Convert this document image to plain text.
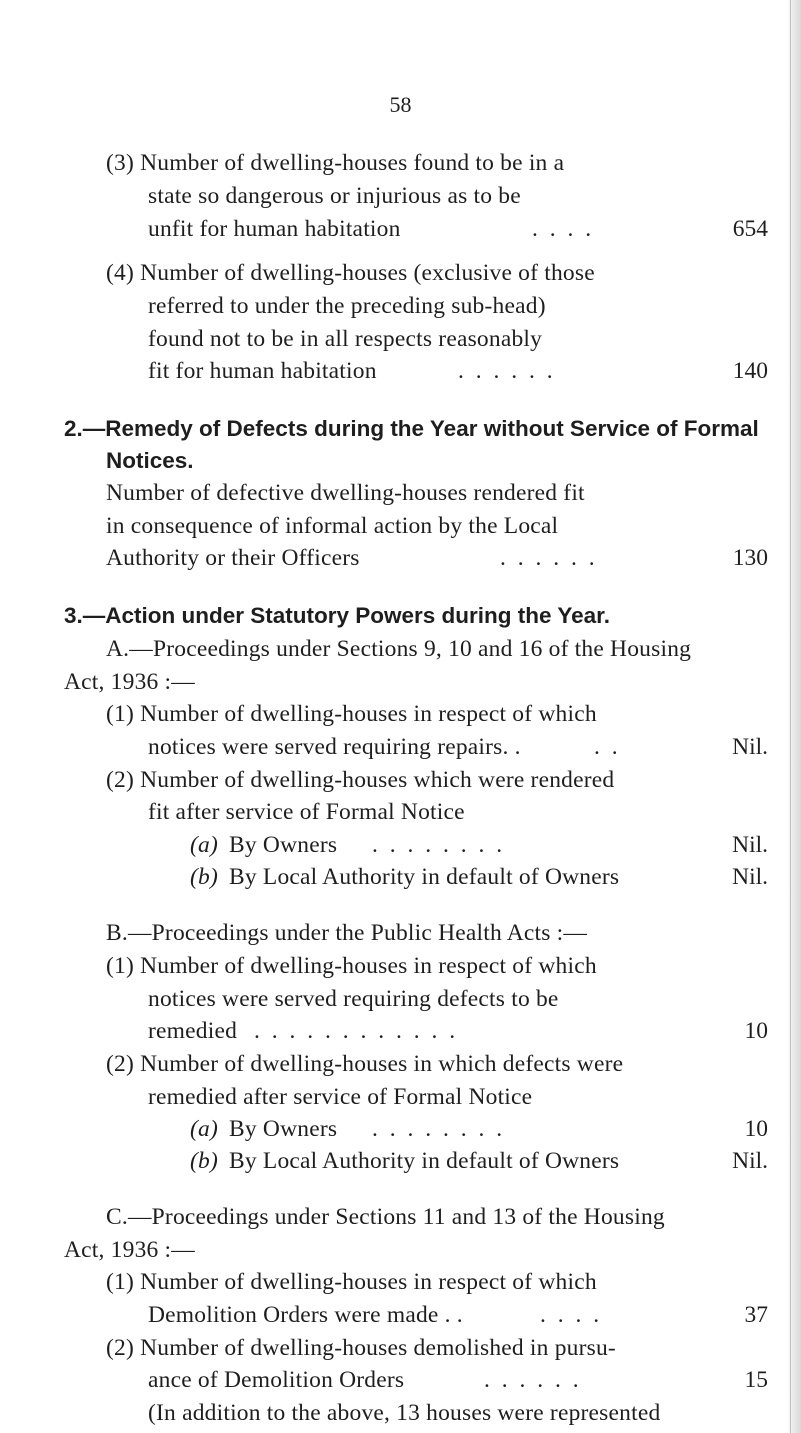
58
(3) Number of dwelling-houses found to be in a
state so dangerous or injurious as to be
unfit for human habitation	. . . .	654
(4) Number of dwelling-houses (exclusive of those
referred to under the preceding sub-head)
found not to be in all respects reasonably
fit for human habitation	. . . . . .	140
2.—Remedy of Defects during the Year without Service of Formal
Notices.
Number of defective dwelling-houses rendered fit
in consequence of informal action by the Local
Authority or their Officers	. . . . . .	130
3.—Action under Statutory Powers during the Year.
A.—Proceedings under Sections 9, 10 and 16 of the Housing
Act, 1936 :—
(1) Number of dwelling-houses in respect of which
notices were served requiring repairs. .	. .	Nil.
(2) Number of dwelling-houses which were rendered
fit after service of Formal Notice
(a) By Owners . . . . . . . .	Nil.
(b) By Local Authority in default of Owners	Nil.
B.—Proceedings under the Public Health Acts :—
(1) Number of dwelling-houses in respect of which
notices were served requiring defects to be
remedied . . . . . . . . . . . .	10
(2) Number of dwelling-houses in which defects were
remedied after service of Formal Notice
(a) By Owners . . . . . . . .	10
(b) By Local Authority in default of Owners	Nil.
C.—Proceedings under Sections 11 and 13 of the Housing
Act, 1936 :—
(1) Number of dwelling-houses in respect of which
Demolition Orders were made . .	. . . .	37
(2) Number of dwelling-houses demolished in pursu-
ance of Demolition Orders	. . . . . .	15
(In addition to the above, 13 houses were represented
